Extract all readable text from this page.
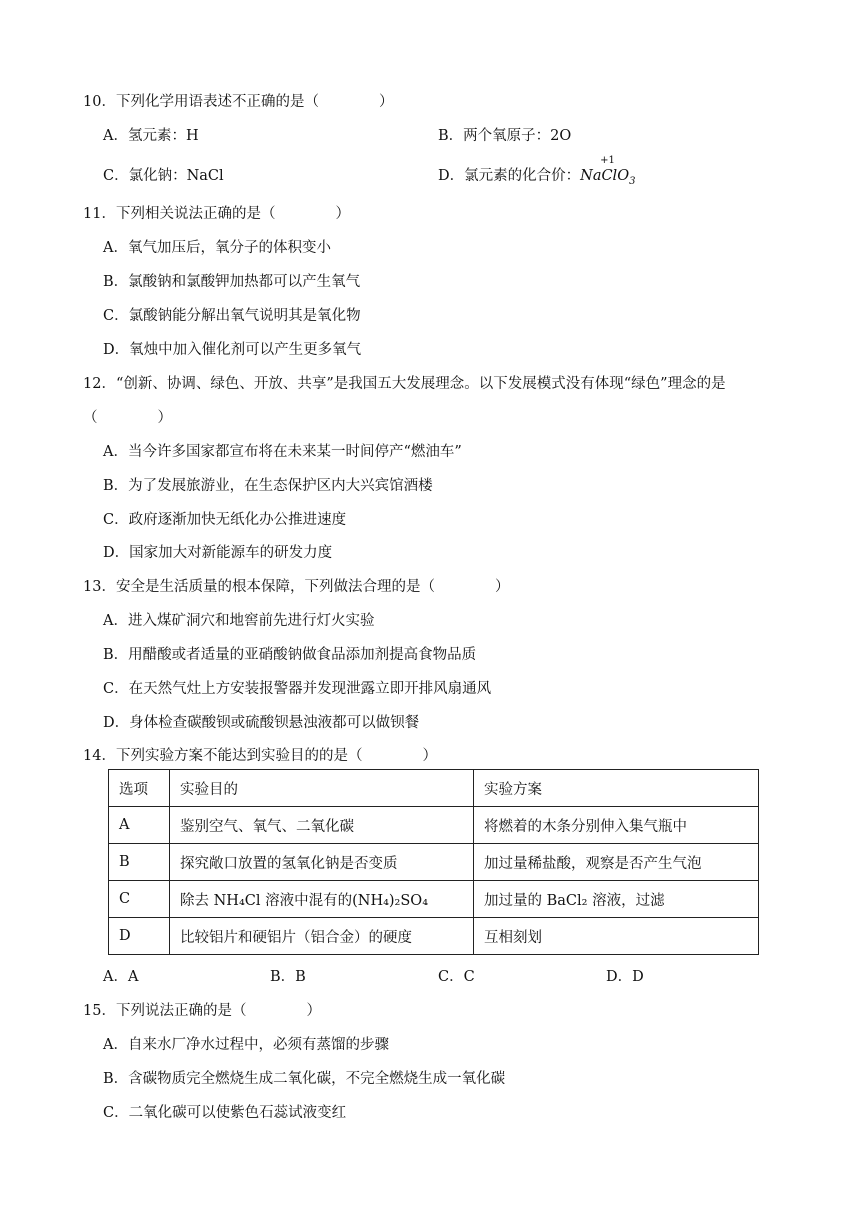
10．下列化学用语表述不正确的是（	）
A．氢元素：H	B．两个氧原子：2O
C．氯化钠：NaCl	D．氯元素的化合价：
+1
NaClO$_3$
11．下列相关说法正确的是（	）
A．氧气加压后，氧分子的体积变小
B．氯酸钠和氯酸钾加热都可以产生氧气
C．氯酸钠能分解出氧气说明其是氧化物
D．氧烛中加入催化剂可以产生更多氧气
12．“创新、协调、绿色、开放、共享”是我国五大发展理念。以下发展模式没有体现“绿色”理念的是
（	）
A．当今许多国家都宣布将在未来某一时间停产“燃油车”
B．为了发展旅游业，在生态保护区内大兴宾馆酒楼
C．政府逐渐加快无纸化办公推进速度
D．国家加大对新能源车的研发力度
13．安全是生活质量的根本保障，下列做法合理的是（	）
A．进入煤矿洞穴和地窖前先进行灯火实验
B．用醋酸或者适量的亚硝酸钠做食品添加剂提高食物品质
C．在天然气灶上方安装报警器并发现泄露立即开排风扇通风
D．身体检查碳酸钡或硫酸钡悬浊液都可以做钡餐
14．下列实验方案不能达到实验目的的是（	）
选项	实验目的	实验方案
A	鉴别空气、氧气、二氧化碳	将燃着的木条分别伸入集气瓶中
B	探究敞口放置的氢氧化钠是否变质	加过量稀盐酸，观察是否产生气泡
C	除去 NH₄Cl 溶液中混有的(NH₄)₂SO₄	加过量的 BaCl₂ 溶液，过滤
D	比较铝片和硬铝片（铝合金）的硬度	互相刻划
A．A	B．B	C．C	D．D
15．下列说法正确的是（	）
A．自来水厂净水过程中，必须有蒸馏的步骤
B．含碳物质完全燃烧生成二氧化碳，不完全燃烧生成一氧化碳
C．二氧化碳可以使紫色石蕊试液变红
